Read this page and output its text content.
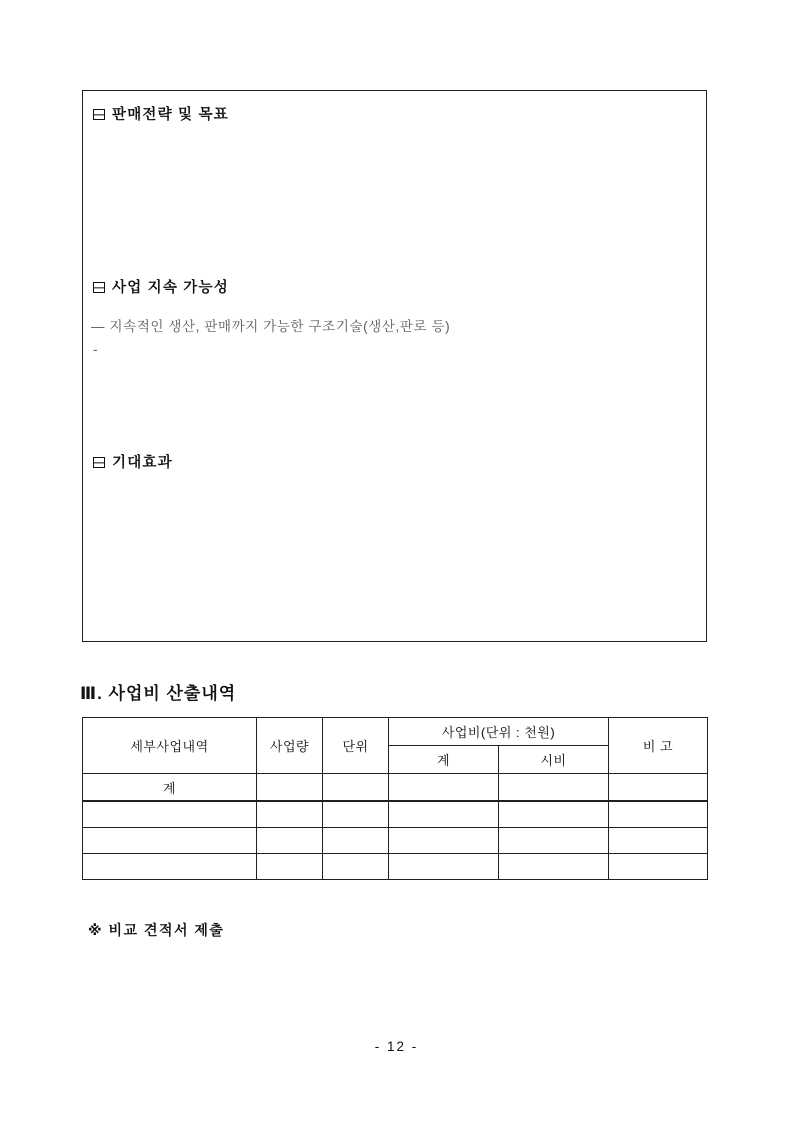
판매전략 및 목표
사업 지속 가능성
― 지속적인 생산, 판매까지 가능한 구조기술(생산,판로 등)
-
기대효과
Ⅲ. 사업비 산출내역
세부사업내역	사업량	단위	사업비(단위 : 천원)		비 고
			계	시비	
계					

※ 비교 견적서 제출
- 12 -
